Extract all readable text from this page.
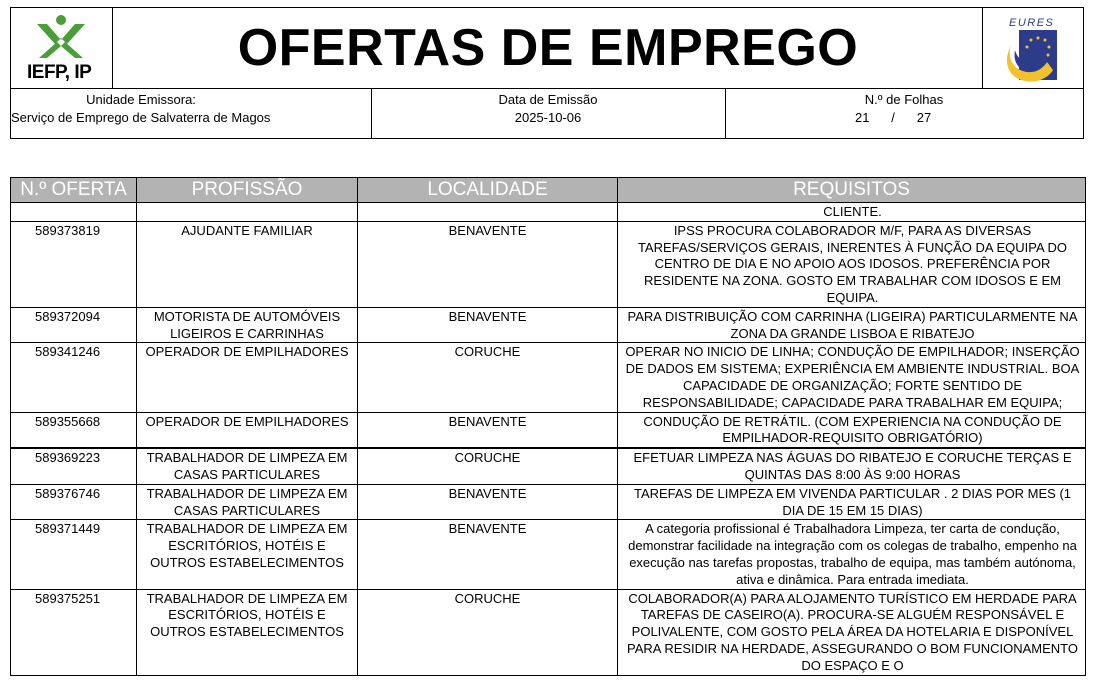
IEFP, IP	OFERTAS DE EMPREGO	EURES
Unidade Emissora:
Serviço de Emprego de Salvaterra de Magos
Data de Emissão
2025-10-06
N.º de Folhas
21 / 27
N.º OFERTA	PROFISSÃO	LOCALIDADE	REQUISITOS
			CLIENTE.
589373819	AJUDANTE FAMILIAR	BENAVENTE	IPSS PROCURA COLABORADOR M/F, PARA AS DIVERSAS TAREFAS/SERVIÇOS GERAIS, INERENTES À FUNÇÃO DA EQUIPA DO CENTRO DE DIA E NO APOIO AOS IDOSOS. PREFERÊNCIA POR RESIDENTE NA ZONA. GOSTO EM TRABALHAR COM IDOSOS E EM EQUIPA.
589372094	MOTORISTA DE AUTOMÓVEIS LIGEIROS E CARRINHAS	BENAVENTE	PARA DISTRIBUIÇÃO COM CARRINHA (LIGEIRA) PARTICULARMENTE NA ZONA DA GRANDE LISBOA E RIBATEJO
589341246	OPERADOR DE EMPILHADORES	CORUCHE	OPERAR NO INICIO DE LINHA; CONDUÇÃO DE EMPILHADOR; INSERÇÃO DE DADOS EM SISTEMA; EXPERIÊNCIA EM AMBIENTE INDUSTRIAL. BOA CAPACIDADE DE ORGANIZAÇÃO; FORTE SENTIDO DE RESPONSABILIDADE; CAPACIDADE PARA TRABALHAR EM EQUIPA;
589355668	OPERADOR DE EMPILHADORES	BENAVENTE	CONDUÇÃO DE RETRÁTIL. (COM EXPERIENCIA NA CONDUÇÃO DE EMPILHADOR-REQUISITO OBRIGATÓRIO)
589369223	TRABALHADOR DE LIMPEZA EM CASAS PARTICULARES	CORUCHE	EFETUAR LIMPEZA NAS ÁGUAS DO RIBATEJO E CORUCHE TERÇAS E QUINTAS DAS 8:00 ÀS 9:00 HORAS
589376746	TRABALHADOR DE LIMPEZA EM CASAS PARTICULARES	BENAVENTE	TAREFAS DE LIMPEZA EM VIVENDA PARTICULAR . 2 DIAS POR MES (1 DIA DE 15 EM 15 DIAS)
589371449	TRABALHADOR DE LIMPEZA EM ESCRITÓRIOS, HOTÉIS E OUTROS ESTABELECIMENTOS	BENAVENTE	A categoria profissional é Trabalhadora Limpeza, ter carta de condução, demonstrar facilidade na integração com os colegas de trabalho, empenho na execução nas tarefas propostas, trabalho de equipa, mas também autónoma, ativa e dinâmica. Para entrada imediata.
589375251	TRABALHADOR DE LIMPEZA EM ESCRITÓRIOS, HOTÉIS E OUTROS ESTABELECIMENTOS	CORUCHE	COLABORADOR(A) PARA ALOJAMENTO TURÍSTICO EM HERDADE PARA TAREFAS DE CASEIRO(A). PROCURA-SE ALGUÉM RESPONSÁVEL E POLIVALENTE, COM GOSTO PELA ÁREA DA HOTELARIA E DISPONÍVEL PARA RESIDIR NA HERDADE, ASSEGURANDO O BOM FUNCIONAMENTO DO ESPAÇO E O
